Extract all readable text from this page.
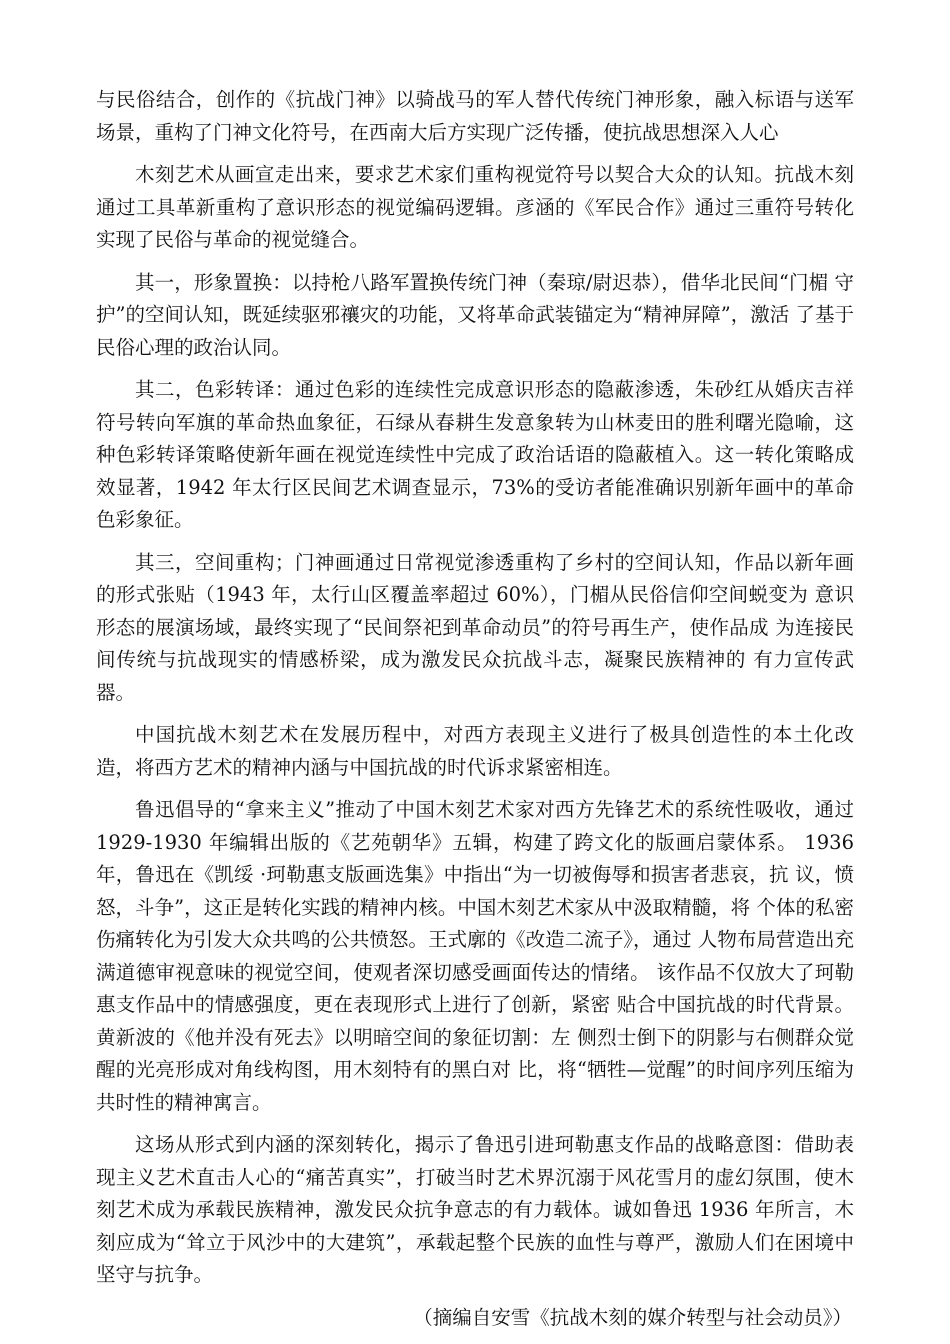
与民俗结合，创作的《抗战门神》以骑战马的军人替代传统门神形象，融入标语与送军场景，重构了门神文化符号，在西南大后方实现广泛传播，使抗战思想深入人心

木刻艺术从画宣走出来，要求艺术家们重构视觉符号以契合大众的认知。抗战木刻通过工具革新重构了意识形态的视觉编码逻辑。彦涵的《军民合作》通过三重符号转化实现了民俗与革命的视觉缝合。

其一，形象置换：以持枪八路军置换传统门神（秦琼/尉迟恭），借华北民间“门楣 守护”的空间认知，既延续驱邪禳灾的功能，又将革命武装锚定为“精神屏障”，激活 了基于民俗心理的政治认同。

其二，色彩转译：通过色彩的连续性完成意识形态的隐蔽渗透，朱砂红从婚庆吉祥符号转向军旗的革命热血象征，石绿从春耕生发意象转为山林麦田的胜利曙光隐喻，这种色彩转译策略使新年画在视觉连续性中完成了政治话语的隐蔽植入。这一转化策略成效显著，1942 年太行区民间艺术调查显示，73%的受访者能准确识别新年画中的革命色彩象征。

其三，空间重构；门神画通过日常视觉渗透重构了乡村的空间认知，作品以新年画的形式张贴（1943 年，太行山区覆盖率超过 60%），门楣从民俗信仰空间蜕变为 意识形态的展演场域，最终实现了“民间祭祀到革命动员”的符号再生产，使作品成 为连接民间传统与抗战现实的情感桥梁，成为激发民众抗战斗志，凝聚民族精神的 有力宣传武器。

中国抗战木刻艺术在发展历程中，对西方表现主义进行了极具创造性的本土化改造，将西方艺术的精神内涵与中国抗战的时代诉求紧密相连。

鲁迅倡导的“拿来主义”推动了中国木刻艺术家对西方先锋艺术的系统性吸收，通过 1929-1930 年编辑出版的《艺苑朝华》五辑，构建了跨文化的版画启蒙体系。 1936 年，鲁迅在《凯绥 ·珂勒惠支版画选集》中指出“为一切被侮辱和损害者悲哀，抗 议，愤怒，斗争”，这正是转化实践的精神内核。中国木刻艺术家从中汲取精髓，将 个体的私密伤痛转化为引发大众共鸣的公共愤怒。王式廓的《改造二流子》，通过 人物布局营造出充满道德审视意味的视觉空间，使观者深切感受画面传达的情绪。 该作品不仅放大了珂勒惠支作品中的情感强度，更在表现形式上进行了创新，紧密 贴合中国抗战的时代背景。黄新波的《他并没有死去》以明暗空间的象征切割：左 侧烈士倒下的阴影与右侧群众觉醒的光亮形成对角线构图，用木刻特有的黑白对 比，将“牺牲—觉醒”的时间序列压缩为共时性的精神寓言。

这场从形式到内涵的深刻转化，揭示了鲁迅引进珂勒惠支作品的战略意图：借助表现主义艺术直击人心的“痛苦真实”，打破当时艺术界沉溺于风花雪月的虚幻氛围，使木刻艺术成为承载民族精神，激发民众抗争意志的有力载体。诚如鲁迅 1936 年所言，木刻应成为“耸立于风沙中的大建筑”，承载起整个民族的血性与尊严，激励人们在困境中坚守与抗争。

（摘编自安雪《抗战木刻的媒介转型与社会动员》）
